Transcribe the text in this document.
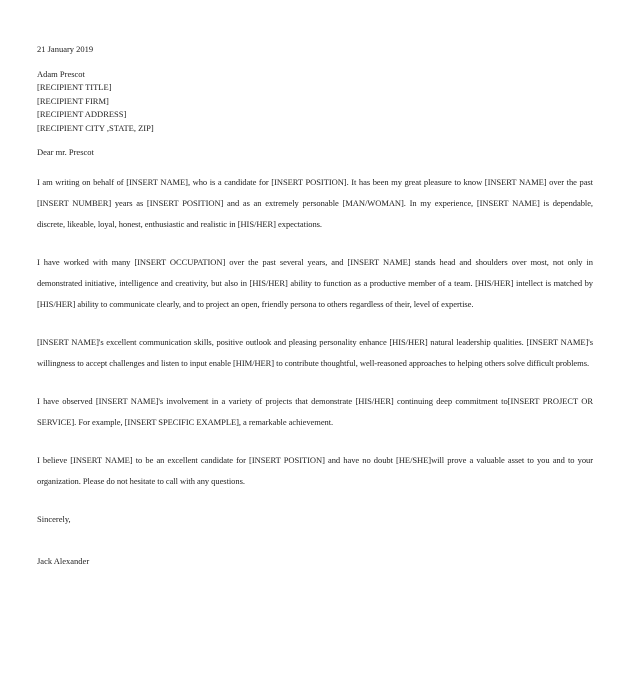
21 January 2019
Adam Prescot
[RECIPIENT TITLE]
[RECIPIENT FIRM]
[RECIPIENT ADDRESS]
[RECIPIENT CITY ,STATE, ZIP]
Dear mr. Prescot

I am writing on behalf of [INSERT NAME], who is a candidate for [INSERT POSITION]. It has been my great pleasure to know [INSERT NAME] over the past [INSERT NUMBER] years as [INSERT POSITION] and as an extremely personable [MAN/WOMAN]. In my experience, [INSERT NAME] is dependable, discrete, likeable, loyal, honest, enthusiastic and realistic in [HIS/HER] expectations.

I have worked with many [INSERT OCCUPATION] over the past several years, and [INSERT NAME] stands head and shoulders over most, not only in demonstrated initiative, intelligence and creativity, but also in [HIS/HER] ability to function as a productive member of a team. [HIS/HER] intellect is matched by [HIS/HER] ability to communicate clearly, and to project an open, friendly persona to others regardless of their, level of expertise.

[INSERT NAME]'s excellent communication skills, positive outlook and pleasing personality enhance [HIS/HER] natural leadership qualities. [INSERT NAME]'s willingness to accept challenges and listen to input enable [HIM/HER] to contribute thoughtful, well-reasoned approaches to helping others solve difficult problems.

I have observed [INSERT NAME]'s involvement in a variety of projects that demonstrate [HIS/HER] continuing deep commitment to[INSERT PROJECT OR SERVICE]. For example, [INSERT SPECIFIC EXAMPLE], a remarkable achievement.

I believe [INSERT NAME] to be an excellent candidate for [INSERT POSITION] and have no doubt [HE/SHE]will prove a valuable asset to you and to your organization. Please do not hesitate to call with any questions.

Sincerely,
Jack Alexander
